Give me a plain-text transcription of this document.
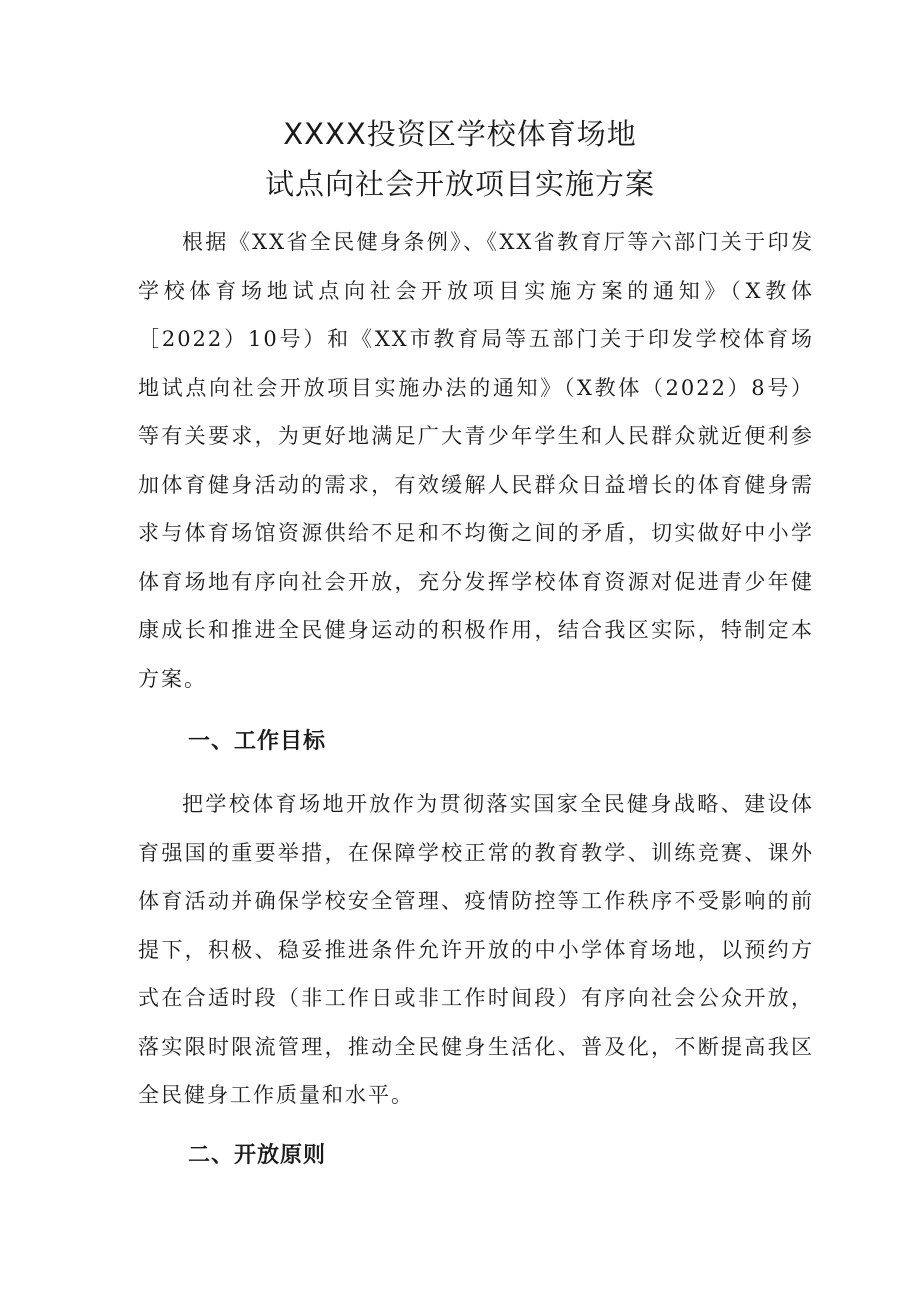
XXXX投资区学校体育场地
试点向社会开放项目实施方案

根据《XX省全民健身条例》、《XX省教育厅等六部门关于印发学校体育场地试点向社会开放项目实施方案的通知》（X教体［2022）10号）和《XX市教育局等五部门关于印发学校体育场地试点向社会开放项目实施办法的通知》（X教体（2022）8号）等有关要求，为更好地满足广大青少年学生和人民群众就近便利参加体育健身活动的需求，有效缓解人民群众日益增长的体育健身需求与体育场馆资源供给不足和不均衡之间的矛盾，切实做好中小学体育场地有序向社会开放，充分发挥学校体育资源对促进青少年健康成长和推进全民健身运动的积极作用，结合我区实际，特制定本方案。

一、工作目标

把学校体育场地开放作为贯彻落实国家全民健身战略、建设体育强国的重要举措，在保障学校正常的教育教学、训练竞赛、课外体育活动并确保学校安全管理、疫情防控等工作秩序不受影响的前提下，积极、稳妥推进条件允许开放的中小学体育场地，以预约方式在合适时段（非工作日或非工作时间段）有序向社会公众开放，落实限时限流管理，推动全民健身生活化、普及化，不断提高我区全民健身工作质量和水平。

二、开放原则
